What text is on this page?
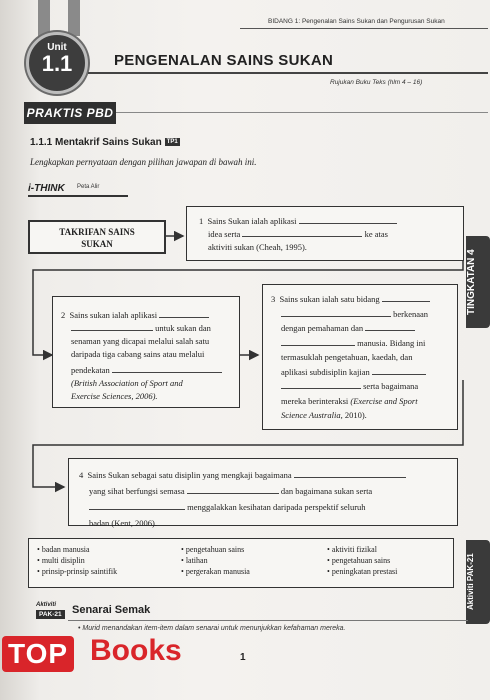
BIDANG 1: Pengenalan Sains Sukan dan Pengurusan Sukan
Unit
1.1	PENGENALAN SAINS SUKAN
Rujukan Buku Teks (hlm 4 – 16)
PRAKTIS PBD
1.1.1 Mentakrif Sains Sukan TP1
Lengkapkan pernyataan dengan pilihan jawapan di bawah ini.
i-THINK Peta Alir
TAKRIFAN SAINS SUKAN
1 Sains Sukan ialah aplikasi
idea serta	ke atas
aktiviti sukan (Cheah, 1995).
2 Sains sukan ialah aplikasi
untuk sukan dan
senaman yang dicapai melalui salah satu
daripada tiga cabang sains atau melalui
pendekatan
(British Association of Sport and
Exercise Sciences, 2006).
3 Sains sukan ialah satu bidang
berkenaan
dengan pemahaman dan
manusia. Bidang ini
termasuklah pengetahuan, kaedah, dan
aplikasi subdisiplin kajian
serta bagaimana
mereka berinteraksi (Exercise and Sport
Science Australia, 2010).
4 Sains Sukan sebagai satu disiplin yang mengkaji bagaimana
yang sihat berfungsi semasa	dan bagaimana sukan serta
menggalakkan kesihatan daripada perspektif seluruh
badan (Kent, 2006).
TINGKATAN 4
Aktiviti PAK-21
• badan manusia
• multi disiplin
• prinsip-prinsip saintifik
• pengetahuan sains
• latihan
• pergerakan manusia
• aktiviti fizikal
• pengetahuan sains
• peningkatan prestasi
Aktiviti
PAK-21 Senarai Semak
• Murid menandakan item-item dalam senarai untuk menunjukkan kefahaman mereka.
1
TOP Books
